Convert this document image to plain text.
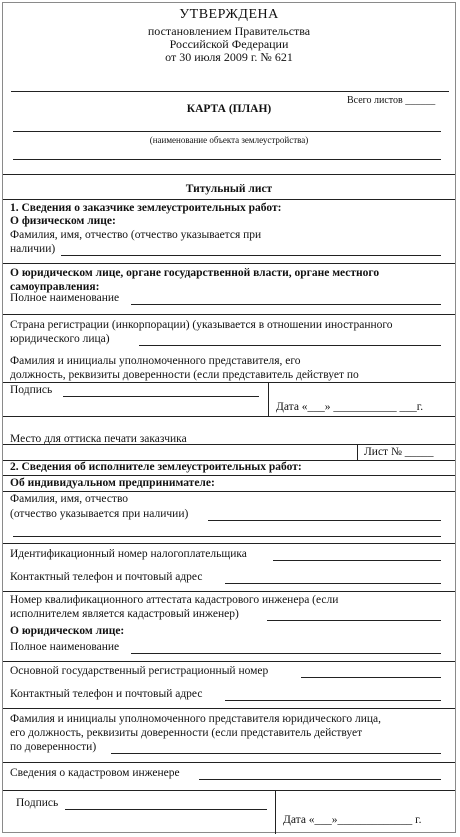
УТВЕРЖДЕНА
постановлением Правительства
Российской Федерации
от 30 июля 2009 г. № 621
Всего листов ______
КАРТА (ПЛАН)
(наименование объекта землеустройства)
Титульный лист
1. Сведения о заказчике землеустроительных работ:
О физическом лице:
Фамилия, имя, отчество (отчество указывается при
наличии)
О юридическом лице, органе государственной власти, органе местного
самоуправления:
Полное наименование
Страна регистрации (инкорпорации) (указывается в отношении иностранного
юридического лица)
Фамилия и инициалы уполномоченного представителя, его
должность, реквизиты доверенности (если представитель действует по
Подпись
Дата «___» ___________ ___г.
Место для оттиска печати заказчика
Лист № _____
2. Сведения об исполнителе землеустроительных работ:
Об индивидуальном предпринимателе:
Фамилия, имя, отчество
(отчество указывается при наличии)
Идентификационный номер налогоплательщика
Контактный телефон и почтовый адрес
Номер квалификационного аттестата кадастрового инженера (если
исполнителем является кадастровый инженер)
О юридическом лице:
Полное наименование
Основной государственный регистрационный номер
Контактный телефон и почтовый адрес
Фамилия и инициалы уполномоченного представителя юридического лица,
его должность, реквизиты доверенности (если представитель действует
по доверенности)
Сведения о кадастровом инженере
Подпись
Дата «___»_____________ г.
